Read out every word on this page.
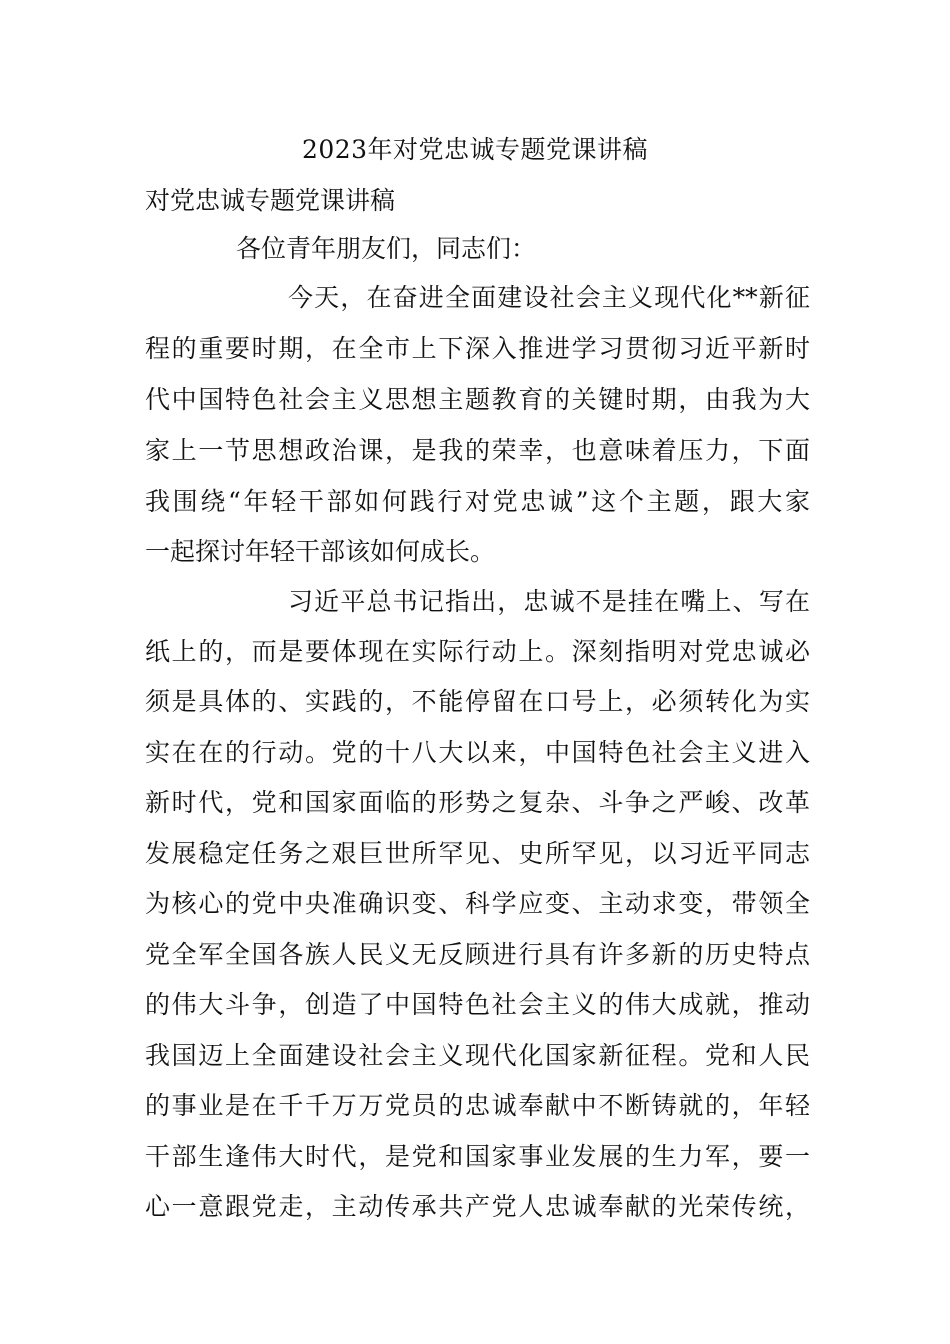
2023年对党忠诚专题党课讲稿
对党忠诚专题党课讲稿
各位青年朋友们，同志们：
今天，在奋进全面建设社会主义现代化**新征
程的重要时期，在全市上下深入推进学习贯彻习近平新时
代中国特色社会主义思想主题教育的关键时期，由我为大
家上一节思想政治课，是我的荣幸，也意味着压力，下面
我围绕“年轻干部如何践行对党忠诚”这个主题，跟大家
一起探讨年轻干部该如何成长。
习近平总书记指出，忠诚不是挂在嘴上、写在
纸上的，而是要体现在实际行动上。深刻指明对党忠诚必
须是具体的、实践的，不能停留在口号上，必须转化为实
实在在的行动。党的十八大以来，中国特色社会主义进入
新时代，党和国家面临的形势之复杂、斗争之严峻、改革
发展稳定任务之艰巨世所罕见、史所罕见，以习近平同志
为核心的党中央准确识变、科学应变、主动求变，带领全
党全军全国各族人民义无反顾进行具有许多新的历史特点
的伟大斗争，创造了中国特色社会主义的伟大成就，推动
我国迈上全面建设社会主义现代化国家新征程。党和人民
的事业是在千千万万党员的忠诚奉献中不断铸就的，年轻
干部生逢伟大时代，是党和国家事业发展的生力军，要一
心一意跟党走，主动传承共产党人忠诚奉献的光荣传统，
